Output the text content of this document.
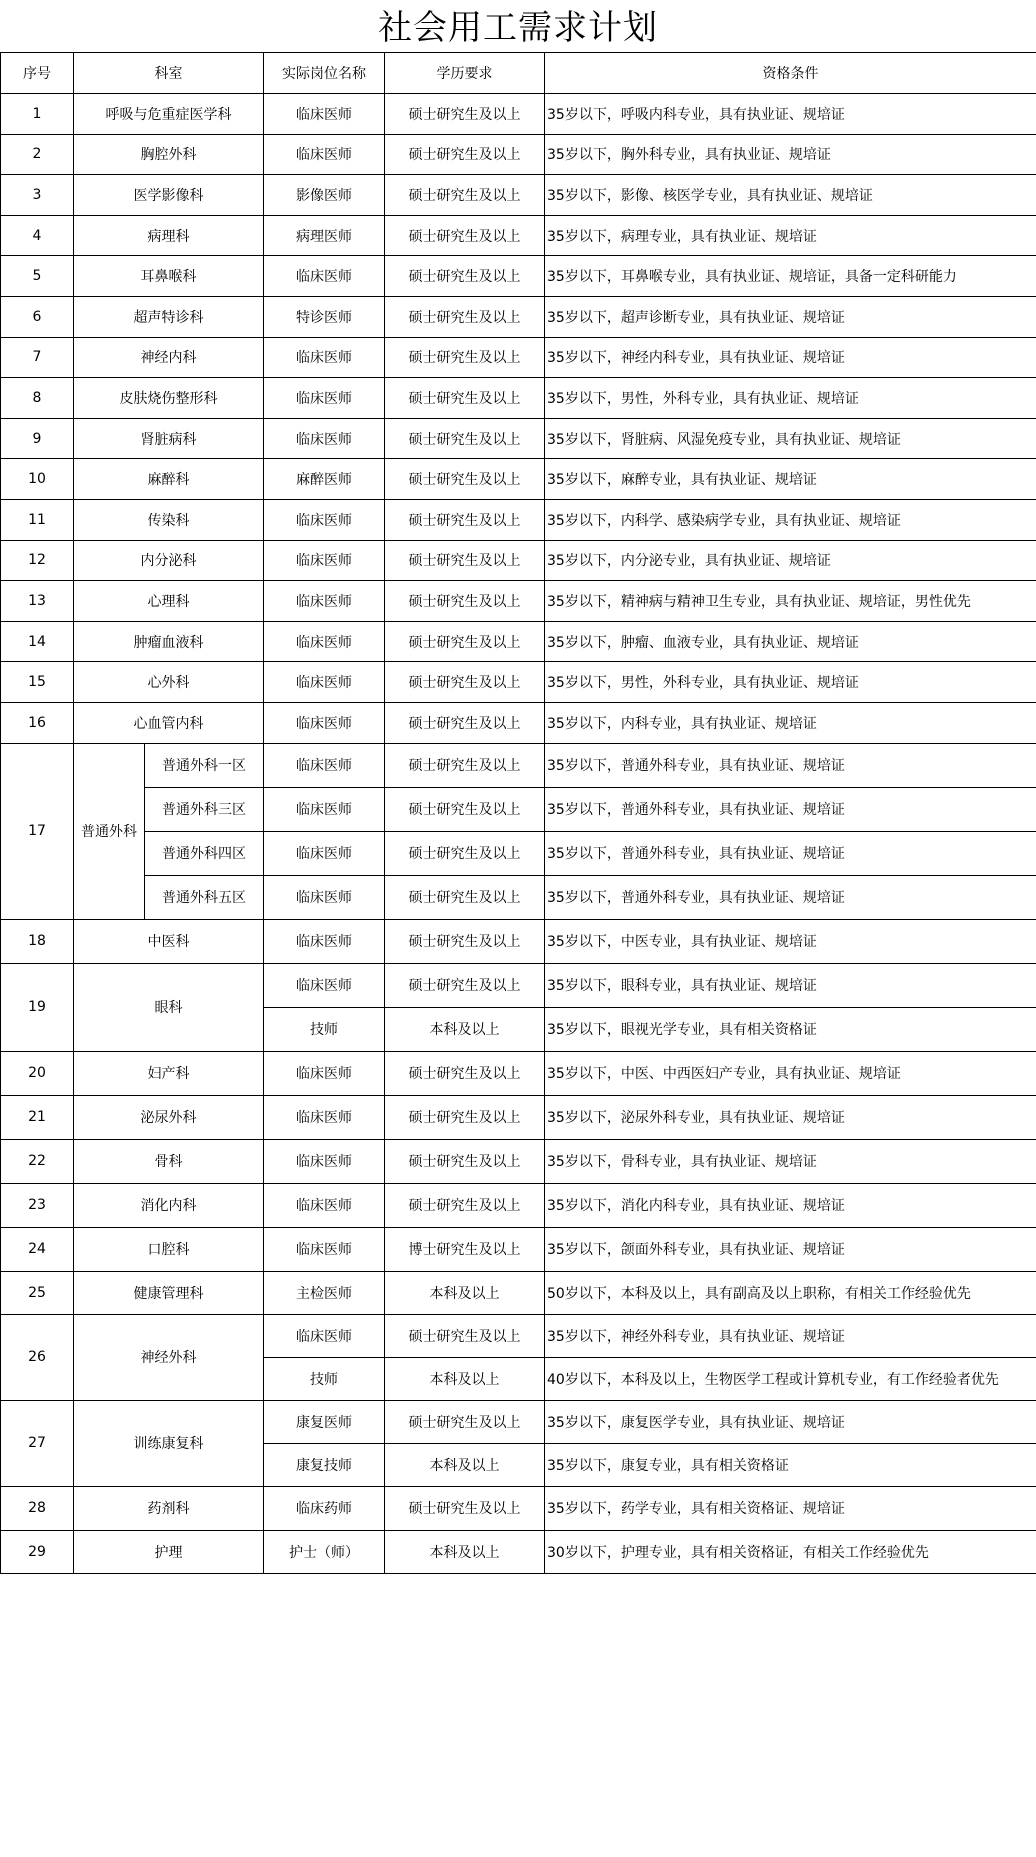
社会用工需求计划
序号	科室		实际岗位名称	学历要求	资格条件
1	呼吸与危重症医学科		临床医师	硕士研究生及以上	35岁以下，呼吸内科专业，具有执业证、规培证
2	胸腔外科		临床医师	硕士研究生及以上	35岁以下，胸外科专业，具有执业证、规培证
3	医学影像科		影像医师	硕士研究生及以上	35岁以下，影像、核医学专业，具有执业证、规培证
4	病理科		病理医师	硕士研究生及以上	35岁以下，病理专业，具有执业证、规培证
5	耳鼻喉科		临床医师	硕士研究生及以上	35岁以下，耳鼻喉专业，具有执业证、规培证，具备一定科研能力
6	超声特诊科		特诊医师	硕士研究生及以上	35岁以下，超声诊断专业，具有执业证、规培证
7	神经内科		临床医师	硕士研究生及以上	35岁以下，神经内科专业，具有执业证、规培证
8	皮肤烧伤整形科		临床医师	硕士研究生及以上	35岁以下，男性，外科专业，具有执业证、规培证
9	肾脏病科		临床医师	硕士研究生及以上	35岁以下，肾脏病、风湿免疫专业，具有执业证、规培证
10	麻醉科		麻醉医师	硕士研究生及以上	35岁以下，麻醉专业，具有执业证、规培证
11	传染科		临床医师	硕士研究生及以上	35岁以下，内科学、感染病学专业，具有执业证、规培证
12	内分泌科		临床医师	硕士研究生及以上	35岁以下，内分泌专业，具有执业证、规培证
13	心理科		临床医师	硕士研究生及以上	35岁以下，精神病与精神卫生专业，具有执业证、规培证，男性优先
14	肿瘤血液科		临床医师	硕士研究生及以上	35岁以下，肿瘤、血液专业，具有执业证、规培证
15	心外科		临床医师	硕士研究生及以上	35岁以下，男性，外科专业，具有执业证、规培证
16	心血管内科		临床医师	硕士研究生及以上	35岁以下，内科专业，具有执业证、规培证
17	普通外科	普通外科一区	临床医师	硕士研究生及以上	35岁以下，普通外科专业，具有执业证、规培证
		普通外科三区	临床医师	硕士研究生及以上	35岁以下，普通外科专业，具有执业证、规培证
		普通外科四区	临床医师	硕士研究生及以上	35岁以下，普通外科专业，具有执业证、规培证
		普通外科五区	临床医师	硕士研究生及以上	35岁以下，普通外科专业，具有执业证、规培证
18	中医科		临床医师	硕士研究生及以上	35岁以下，中医专业，具有执业证、规培证
19	眼科		临床医师	硕士研究生及以上	35岁以下，眼科专业，具有执业证、规培证
			技师	本科及以上	35岁以下，眼视光学专业，具有相关资格证
20	妇产科		临床医师	硕士研究生及以上	35岁以下，中医、中西医妇产专业，具有执业证、规培证
21	泌尿外科		临床医师	硕士研究生及以上	35岁以下，泌尿外科专业，具有执业证、规培证
22	骨科		临床医师	硕士研究生及以上	35岁以下，骨科专业，具有执业证、规培证
23	消化内科		临床医师	硕士研究生及以上	35岁以下，消化内科专业，具有执业证、规培证
24	口腔科		临床医师	博士研究生及以上	35岁以下，颌面外科专业，具有执业证、规培证
25	健康管理科		主检医师	本科及以上	50岁以下，本科及以上，具有副高及以上职称，有相关工作经验优先
26	神经外科		临床医师	硕士研究生及以上	35岁以下，神经外科专业，具有执业证、规培证
			技师	本科及以上	40岁以下，本科及以上，生物医学工程或计算机专业，有工作经验者优先
27	训练康复科		康复医师	硕士研究生及以上	35岁以下，康复医学专业，具有执业证、规培证
			康复技师	本科及以上	35岁以下，康复专业，具有相关资格证
28	药剂科		临床药师	硕士研究生及以上	35岁以下，药学专业，具有相关资格证、规培证
29	护理		护士（师）	本科及以上	30岁以下，护理专业，具有相关资格证，有相关工作经验优先
